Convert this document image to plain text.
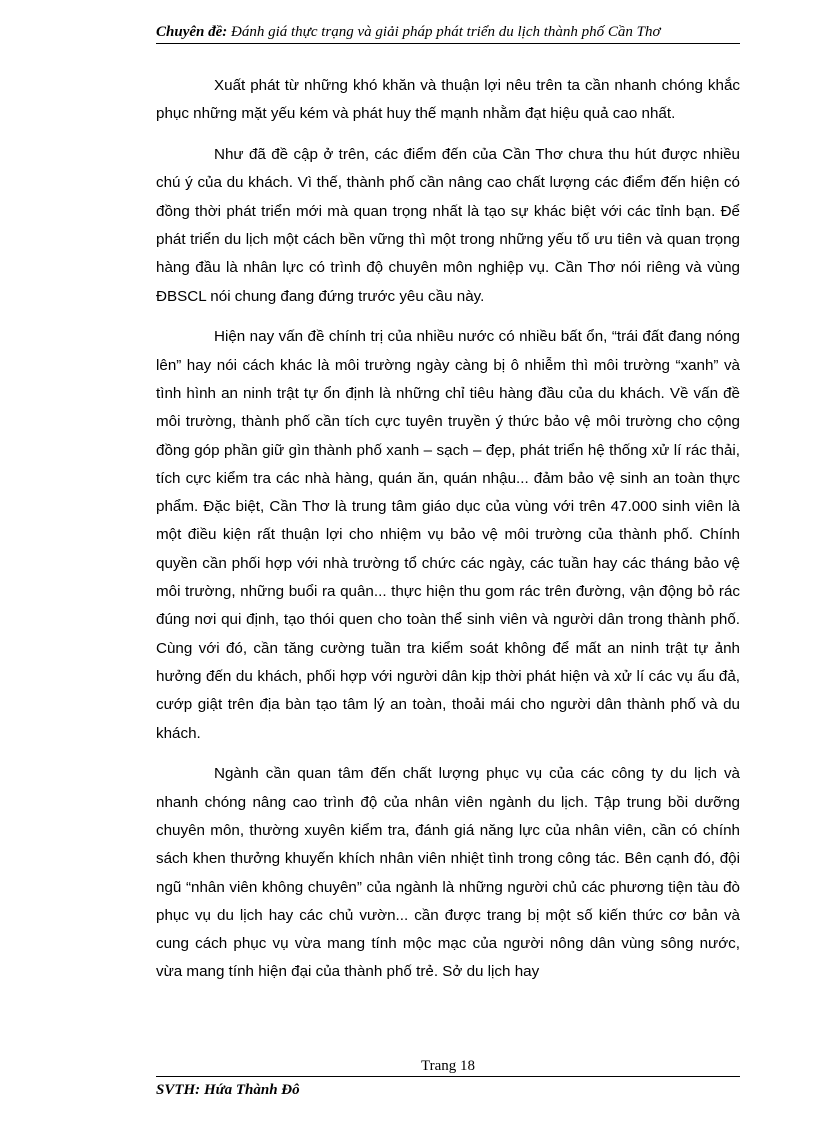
Chuyên đề: Đánh giá thực trạng và giải pháp phát triển du lịch thành phố Cần Thơ

Xuất phát từ những khó khăn và thuận lợi nêu trên ta cần nhanh chóng khắc phục những mặt yếu kém và phát huy thế mạnh nhằm đạt hiệu quả cao nhất.

Như đã đề cập ở trên, các điểm đến của Cần Thơ chưa thu hút được nhiều chú ý của du khách. Vì thế, thành phố cần nâng cao chất lượng các điểm đến hiện có đồng thời phát triển mới mà quan trọng nhất là tạo sự khác biệt với các tỉnh bạn. Để phát triển du lịch một cách bền vững thì một trong những yếu tố ưu tiên và quan trọng hàng đầu là nhân lực có trình độ chuyên môn nghiệp vụ. Cần Thơ nói riêng và vùng ĐBSCL nói chung đang đứng trước yêu cầu này.

Hiện nay vấn đề chính trị của nhiều nước có nhiều bất ổn, “trái đất đang nóng lên” hay nói cách khác là môi trường ngày càng bị ô nhiễm thì môi trường “xanh” và tình hình an ninh trật tự ổn định là những chỉ tiêu hàng đầu của du khách. Về vấn đề môi trường, thành phố cần tích cực tuyên truyền ý thức bảo vệ môi trường cho cộng đồng góp phần giữ gìn thành phố xanh – sạch – đẹp, phát triển hệ thống xử lí rác thải, tích cực kiểm tra các nhà hàng, quán ăn, quán nhậu... đảm bảo vệ sinh an toàn thực phẩm. Đặc biệt, Cần Thơ là trung tâm giáo dục của vùng với trên 47.000 sinh viên là một điều kiện rất thuận lợi cho nhiệm vụ bảo vệ môi trường của thành phố. Chính quyền cần phối hợp với nhà trường tổ chức các ngày, các tuần hay các tháng bảo vệ môi trường, những buổi ra quân... thực hiện thu gom rác trên đường, vận động bỏ rác đúng nơi qui định, tạo thói quen cho toàn thể sinh viên và người dân trong thành phố. Cùng với đó, cần tăng cường tuần tra kiểm soát không để mất an ninh trật tự ảnh hưởng đến du khách, phối hợp với người dân kịp thời phát hiện và xử lí các vụ ẩu đả, cướp giật trên địa bàn tạo tâm lý an toàn, thoải mái cho người dân thành phố và du khách.

Ngành cần quan tâm đến chất lượng phục vụ của các công ty du lịch và nhanh chóng nâng cao trình độ của nhân viên ngành du lịch. Tập trung bồi dưỡng chuyên môn, thường xuyên kiểm tra, đánh giá năng lực của nhân viên, cần có chính sách khen thưởng khuyến khích nhân viên nhiệt tình trong công tác. Bên cạnh đó, đội ngũ “nhân viên không chuyên” của ngành là những người chủ các phương tiện tàu đò phục vụ du lịch hay các chủ vườn... cần được trang bị một số kiến thức cơ bản và cung cách phục vụ vừa mang tính mộc mạc của người nông dân vùng sông nước, vừa mang tính hiện đại của thành phố trẻ. Sở du lịch hay

Trang 18
SVTH: Hứa Thành Đô
